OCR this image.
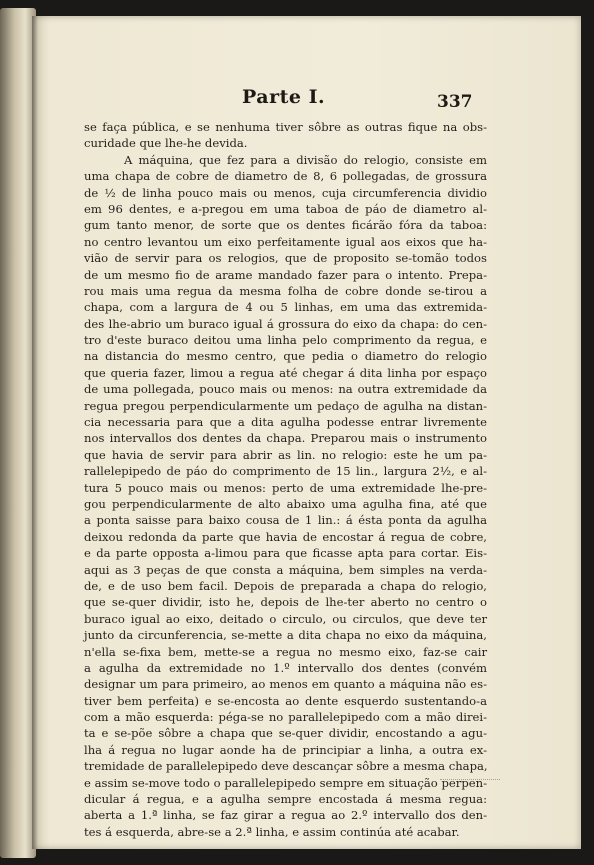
Parte I.	337
se faça pública, e se nenhuma tiver sôbre as outras fique na obs-
curidade que lhe-he devida.
A máquina, que fez para a divisão do relogio, consiste em
uma chapa de cobre de diametro de 8, 6 pollegadas, de grossura
de ½ de linha pouco mais ou menos, cuja circumferencia dividio
em 96 dentes, e a-pregou em uma taboa de páo de diametro al-
gum tanto menor, de sorte que os dentes ficárão fóra da taboa:
no centro levantou um eixo perfeitamente igual aos eixos que ha-
vião de servir para os relogios, que de proposito se-tomão todos
de um mesmo fio de arame mandado fazer para o intento. Prepa-
rou mais uma regua da mesma folha de cobre donde se-tirou a
chapa, com a largura de 4 ou 5 linhas, em uma das extremida-
des lhe-abrio um buraco igual á grossura do eixo da chapa: do cen-
tro d'este buraco deitou uma linha pelo comprimento da regua, e
na distancia do mesmo centro, que pedia o diametro do relogio
que queria fazer, limou a regua até chegar á dita linha por espaço
de uma pollegada, pouco mais ou menos: na outra extremidade da
regua pregou perpendicularmente um pedaço de agulha na distan-
cia necessaria para que a dita agulha podesse entrar livremente
nos intervallos dos dentes da chapa. Preparou mais o instrumento
que havia de servir para abrir as lin. no relogio: este he um pa-
rallelepipedo de páo do comprimento de 15 lin., largura 2½, e al-
tura 5 pouco mais ou menos: perto de uma extremidade lhe-pre-
gou perpendicularmente de alto abaixo uma agulha fina, até que
a ponta saisse para baixo cousa de 1 lin.: á ésta ponta da agulha
deixou redonda da parte que havia de encostar á regua de cobre,
e da parte opposta a-limou para que ficasse apta para cortar. Eis-
aqui as 3 peças de que consta a máquina, bem simples na verda-
de, e de uso bem facil. Depois de preparada a chapa do relogio,
que se-quer dividir, isto he, depois de lhe-ter aberto no centro o
buraco igual ao eixo, deitado o circulo, ou circulos, que deve ter
junto da circunferencia, se-mette a dita chapa no eixo da máquina,
n'ella se-fixa bem, mette-se a regua no mesmo eixo, faz-se cair
a agulha da extremidade no 1.º intervallo dos dentes (convém
designar um para primeiro, ao menos em quanto a máquina não es-
tiver bem perfeita) e se-encosta ao dente esquerdo sustentando-a
com a mão esquerda: péga-se no parallelepipedo com a mão direi-
ta e se-põe sôbre a chapa que se-quer dividir, encostando a agu-
lha á regua no lugar aonde ha de principiar a linha, a outra ex-
tremidade de parallelepipedo deve descançar sôbre a mesma chapa,
e assim se-move todo o parallelepipedo sempre em situação perpen-
dicular á regua, e a agulha sempre encostada á mesma regua:
aberta a 1.ª linha, se faz girar a regua ao 2.º intervallo dos den-
tes á esquerda, abre-se a 2.ª linha, e assim continúa até acabar.
